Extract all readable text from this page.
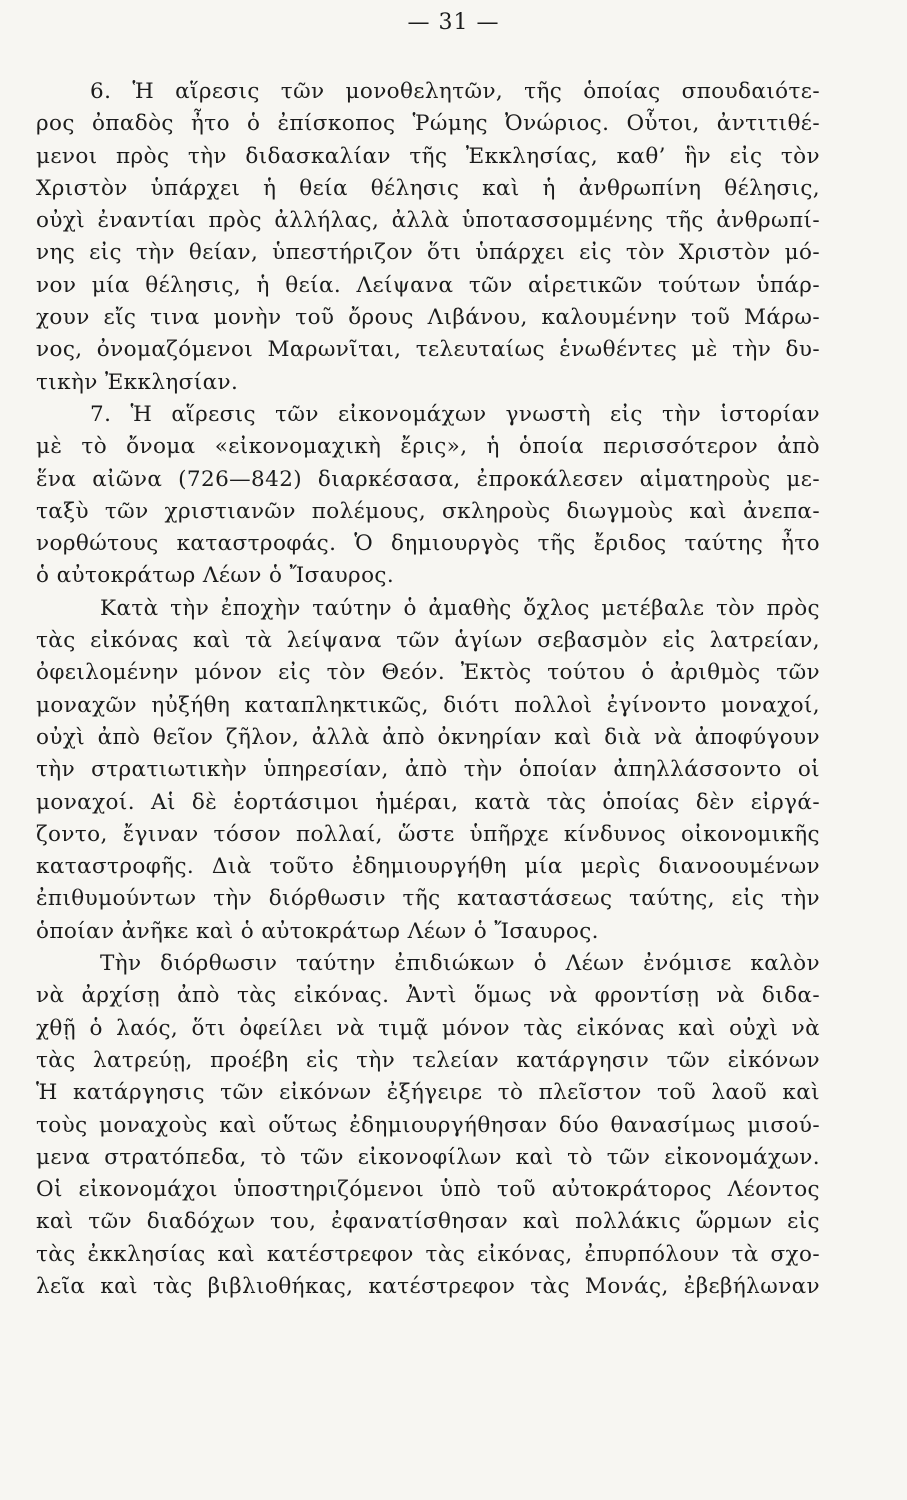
— 31 —
6. Ἡ αἵρεσις τῶν μονοθελητῶν, τῆς ὁποίας σπουδαιότε-
ρος ὀπαδὸς ἦτο ὁ ἐπίσκοπος Ῥώμης Ὀνώριος. Οὗτοι, ἀντιτιθέ-
μενοι πρὸς τὴν διδασκαλίαν τῆς Ἐκκλησίας, καθ’ ἣν εἰς τὸν
Χριστὸν ὑπάρχει ἡ θεία θέλησις καὶ ἡ ἀνθρωπίνη θέλησις,
οὐχὶ ἐναντίαι πρὸς ἀλλήλας, ἀλλὰ ὑποτασσομμένης τῆς ἀνθρωπί-
νης εἰς τὴν θείαν, ὑπεστήριζον ὅτι ὑπάρχει εἰς τὸν Χριστὸν μό-
νον μία θέλησις, ἡ θεία. Λείψανα τῶν αἱρετικῶν τούτων ὑπάρ-
χουν εἴς τινα μονὴν τοῦ ὄρους Λιβάνου, καλουμένην τοῦ Μάρω-
νος, ὀνομαζόμενοι Μαρωνῖται, τελευταίως ἑνωθέντες μὲ τὴν δυ-
τικὴν Ἐκκλησίαν.
7. Ἡ αἵρεσις τῶν εἰκονομάχων γνωστὴ εἰς τὴν ἱστορίαν
μὲ τὸ ὄνομα «εἰκονομαχικὴ ἔρις», ἡ ὁποία περισσότερον ἀπὸ
ἕνα αἰῶνα (726—842) διαρκέσασα, ἐπροκάλεσεν αἱματηροὺς με-
ταξὺ τῶν χριστιανῶν πολέμους, σκληροὺς διωγμοὺς καὶ ἀνεπα-
νορθώτους καταστροφάς. Ὁ δημιουργὸς τῆς ἔριδος ταύτης ἦτο
ὁ αὐτοκράτωρ Λέων ὁ Ἴσαυρος.
Κατὰ τὴν ἐποχὴν ταύτην ὁ ἀμαθὴς ὄχλος μετέβαλε τὸν πρὸς
τὰς εἰκόνας καὶ τὰ λείψανα τῶν ἁγίων σεβασμὸν εἰς λατρείαν,
ὀφειλομένην μόνον εἰς τὸν Θεόν. Ἐκτὸς τούτου ὁ ἀριθμὸς τῶν
μοναχῶν ηὐξήθη καταπληκτικῶς, διότι πολλοὶ ἐγίνοντο μοναχοί,
οὐχὶ ἀπὸ θεῖον ζῆλον, ἀλλὰ ἀπὸ ὀκνηρίαν καὶ διὰ νὰ ἀποφύγουν
τὴν στρατιωτικὴν ὑπηρεσίαν, ἀπὸ τὴν ὁποίαν ἀπηλλάσσοντο οἱ
μοναχοί. Αἱ δὲ ἑορτάσιμοι ἡμέραι, κατὰ τὰς ὁποίας δὲν εἰργά-
ζοντο, ἔγιναν τόσον πολλαί, ὥστε ὑπῆρχε κίνδυνος οἰκονομικῆς
καταστροφῆς. Διὰ τοῦτο ἐδημιουργήθη μία μερὶς διανοουμένων
ἐπιθυμούντων τὴν διόρθωσιν τῆς καταστάσεως ταύτης, εἰς τὴν
ὁποίαν ἀνῆκε καὶ ὁ αὐτοκράτωρ Λέων ὁ Ἴσαυρος.
Τὴν διόρθωσιν ταύτην ἐπιδιώκων ὁ Λέων ἐνόμισε καλὸν
νὰ ἀρχίσῃ ἀπὸ τὰς εἰκόνας. Ἀντὶ ὅμως νὰ φροντίσῃ νὰ διδα-
χθῇ ὁ λαός, ὅτι ὀφείλει νὰ τιμᾷ μόνον τὰς εἰκόνας καὶ οὐχὶ νὰ
τὰς λατρεύῃ, προέβη εἰς τὴν τελείαν κατάργησιν τῶν εἰκόνων
Ἡ κατάργησις τῶν εἰκόνων ἐξήγειρε τὸ πλεῖστον τοῦ λαοῦ καὶ
τοὺς μοναχοὺς καὶ οὕτως ἐδημιουργήθησαν δύο θανασίμως μισού-
μενα στρατόπεδα, τὸ τῶν εἰκονοφίλων καὶ τὸ τῶν εἰκονομάχων.
Οἱ εἰκονομάχοι ὑποστηριζόμενοι ὑπὸ τοῦ αὐτοκράτορος Λέοντος
καὶ τῶν διαδόχων του, ἐφανατίσθησαν καὶ πολλάκις ὥρμων εἰς
τὰς ἐκκλησίας καὶ κατέστρεφον τὰς εἰκόνας, ἐπυρπόλουν τὰ σχο-
λεῖα καὶ τὰς βιβλιοθήκας, κατέστρεφον τὰς Μονάς, ἐβεβήλωναν
